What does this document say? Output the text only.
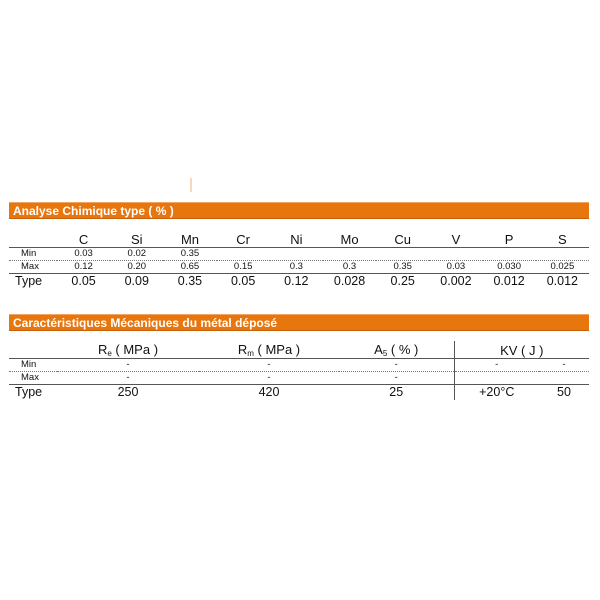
Analyse Chimique type ( % )
	C	Si	Mn	Cr	Ni	Mo	Cu	V	P	S
Min	0.03	0.02	0.35							
Max	0.12	0.20	0.65	0.15	0.3	0.3	0.35	0.03	0.030	0.025
Type	0.05	0.09	0.35	0.05	0.12	0.028	0.25	0.002	0.012	0.012
Caractéristiques Mécaniques du métal déposé
	$R_e$ ( MPa )	$R_m$ ( MPa )	$A_5$ ( % )	KV ( J )	
Min	-	-	-	-	-
Max	-	-	-		
Type	250	420	25	+20°C	50
